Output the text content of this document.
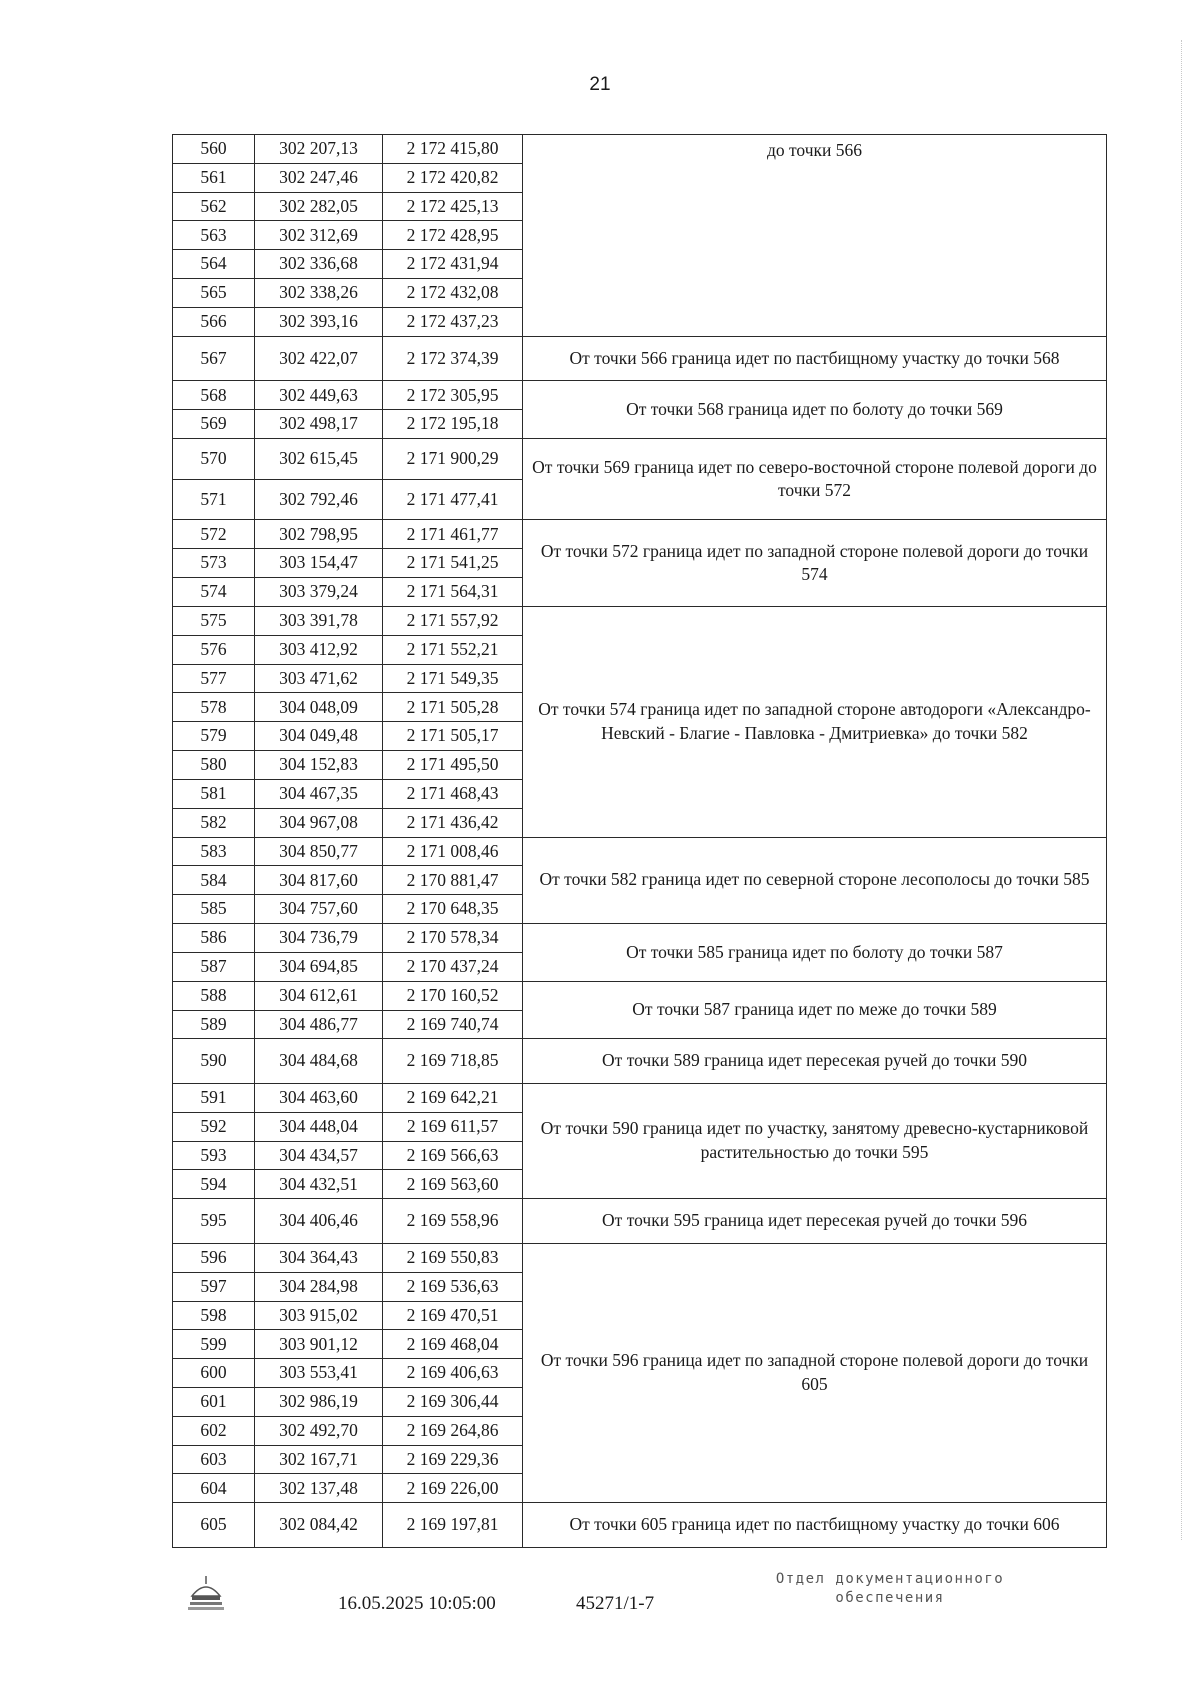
21
560	302 207,13	2 172 415,80	до точки 566
561	302 247,46	2 172 420,82	
562	302 282,05	2 172 425,13	
563	302 312,69	2 172 428,95	
564	302 336,68	2 172 431,94	
565	302 338,26	2 172 432,08	
566	302 393,16	2 172 437,23	
567	302 422,07	2 172 374,39	От точки 566 граница идет по пастбищному участку до точки 568
568	302 449,63	2 172 305,95	От точки 568 граница идет по болоту до точки 569
569	302 498,17	2 172 195,18	
570	302 615,45	2 171 900,29	От точки 569 граница идет по северо-восточной стороне полевой дороги до точки 572
571	302 792,46	2 171 477,41	
572	302 798,95	2 171 461,77	От точки 572 граница идет по западной стороне полевой дороги до точки 574
573	303 154,47	2 171 541,25	
574	303 379,24	2 171 564,31	
575	303 391,78	2 171 557,92	От точки 574 граница идет по западной стороне автодороги «Александро-Невский - Благие - Павловка - Дмитриевка» до точки 582
576	303 412,92	2 171 552,21	
577	303 471,62	2 171 549,35	
578	304 048,09	2 171 505,28	
579	304 049,48	2 171 505,17	
580	304 152,83	2 171 495,50	
581	304 467,35	2 171 468,43	
582	304 967,08	2 171 436,42	
583	304 850,77	2 171 008,46	От точки 582 граница идет по северной стороне лесополосы до точки 585
584	304 817,60	2 170 881,47	
585	304 757,60	2 170 648,35	
586	304 736,79	2 170 578,34	От точки 585 граница идет по болоту до точки 587
587	304 694,85	2 170 437,24	
588	304 612,61	2 170 160,52	От точки 587 граница идет по меже до точки 589
589	304 486,77	2 169 740,74	
590	304 484,68	2 169 718,85	От точки 589 граница идет пересекая ручей до точки 590
591	304 463,60	2 169 642,21	От точки 590 граница идет по участку, занятому древесно-кустарниковой растительностью до точки 595
592	304 448,04	2 169 611,57	
593	304 434,57	2 169 566,63	
594	304 432,51	2 169 563,60	
595	304 406,46	2 169 558,96	От точки 595 граница идет пересекая ручей до точки 596
596	304 364,43	2 169 550,83	От точки 596 граница идет по западной стороне полевой дороги до точки 605
597	304 284,98	2 169 536,63	
598	303 915,02	2 169 470,51	
599	303 901,12	2 169 468,04	
600	303 553,41	2 169 406,63	
601	302 986,19	2 169 306,44	
602	302 492,70	2 169 264,86	
603	302 167,71	2 169 229,36	
604	302 137,48	2 169 226,00	
605	302 084,42	2 169 197,81	От точки 605 граница идет по пастбищному участку до точки 606
16.05.2025 10:05:00	45271/1-7
Отдел документационного
обеспечения
